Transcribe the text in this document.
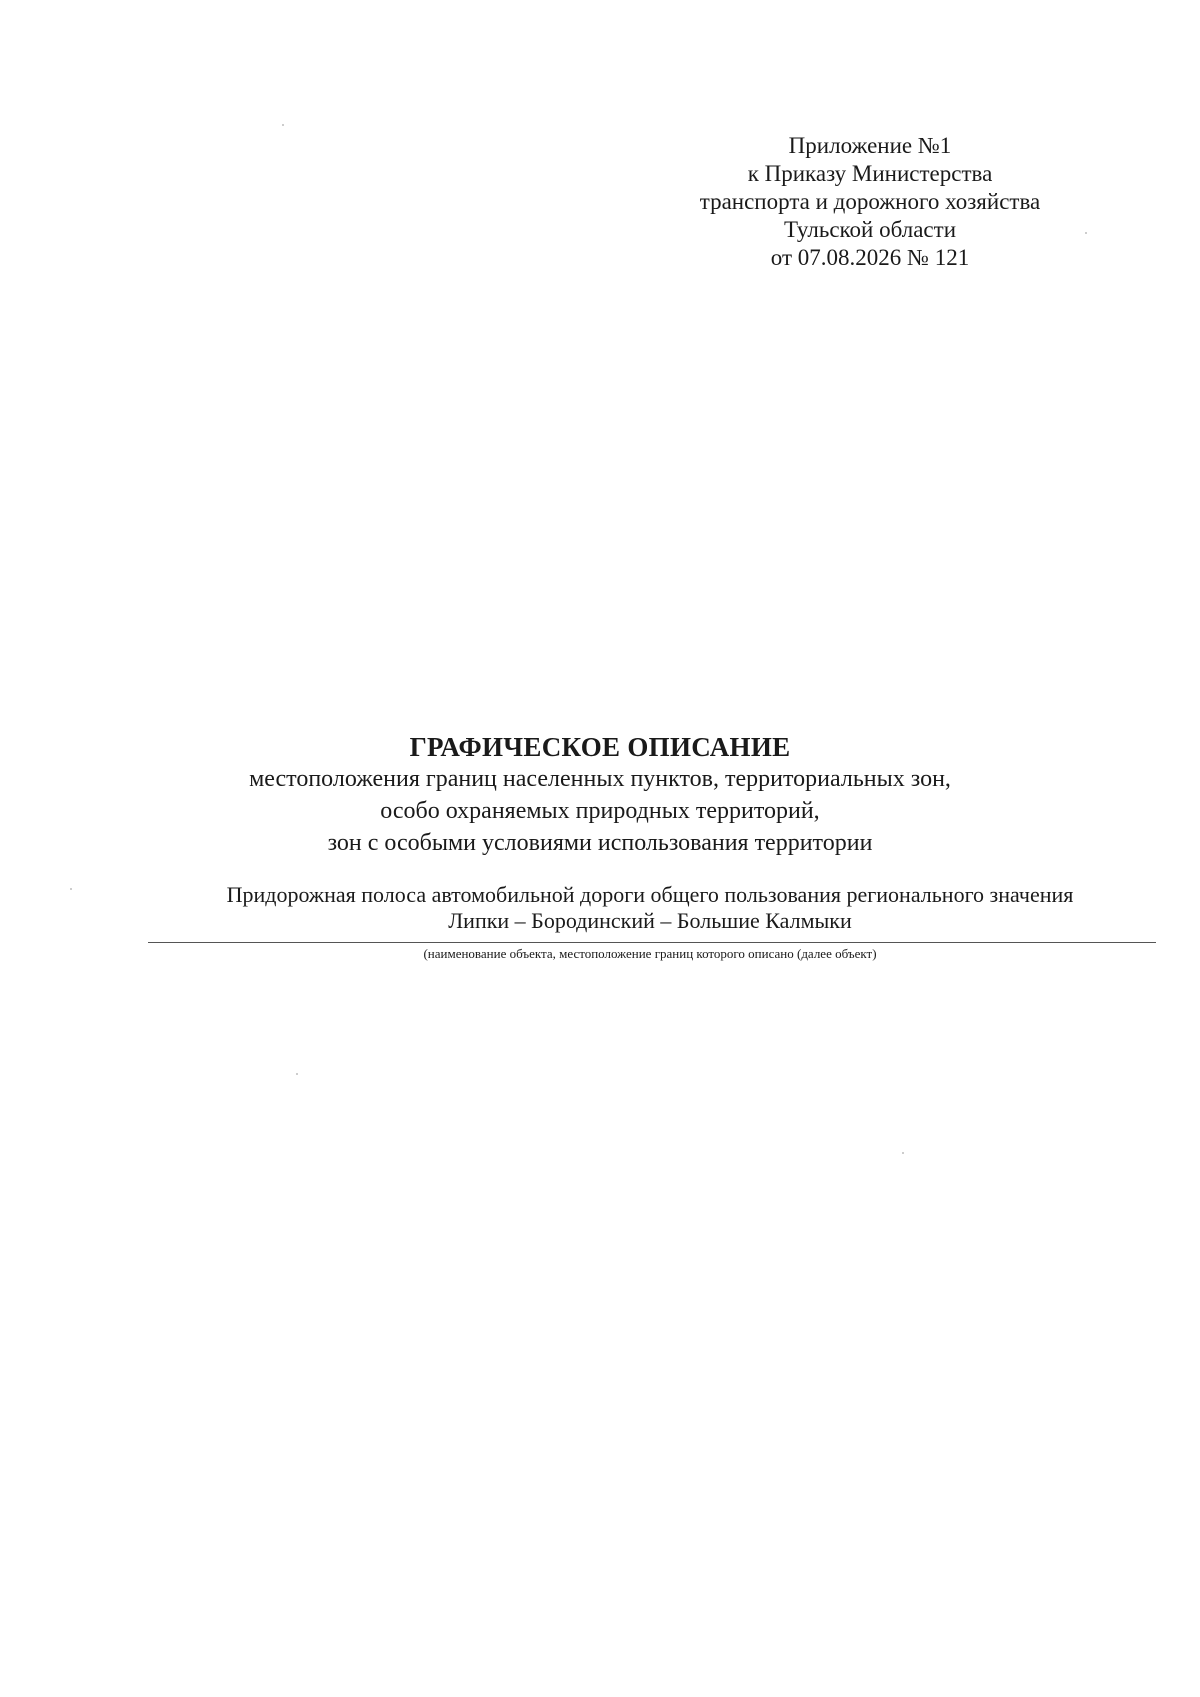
Приложение №1
к Приказу Министерства
транспорта и дорожного хозяйства
Тульской области
от 07.08.2026 № 121
ГРАФИЧЕСКОЕ ОПИСАНИЕ
местоположения границ населенных пунктов, территориальных зон,
особо охраняемых природных территорий,
зон с особыми условиями использования территории
Придорожная полоса автомобильной дороги общего пользования регионального значения
Липки – Бородинский – Большие Калмыки
(наименование объекта, местоположение границ которого описано (далее объект)
